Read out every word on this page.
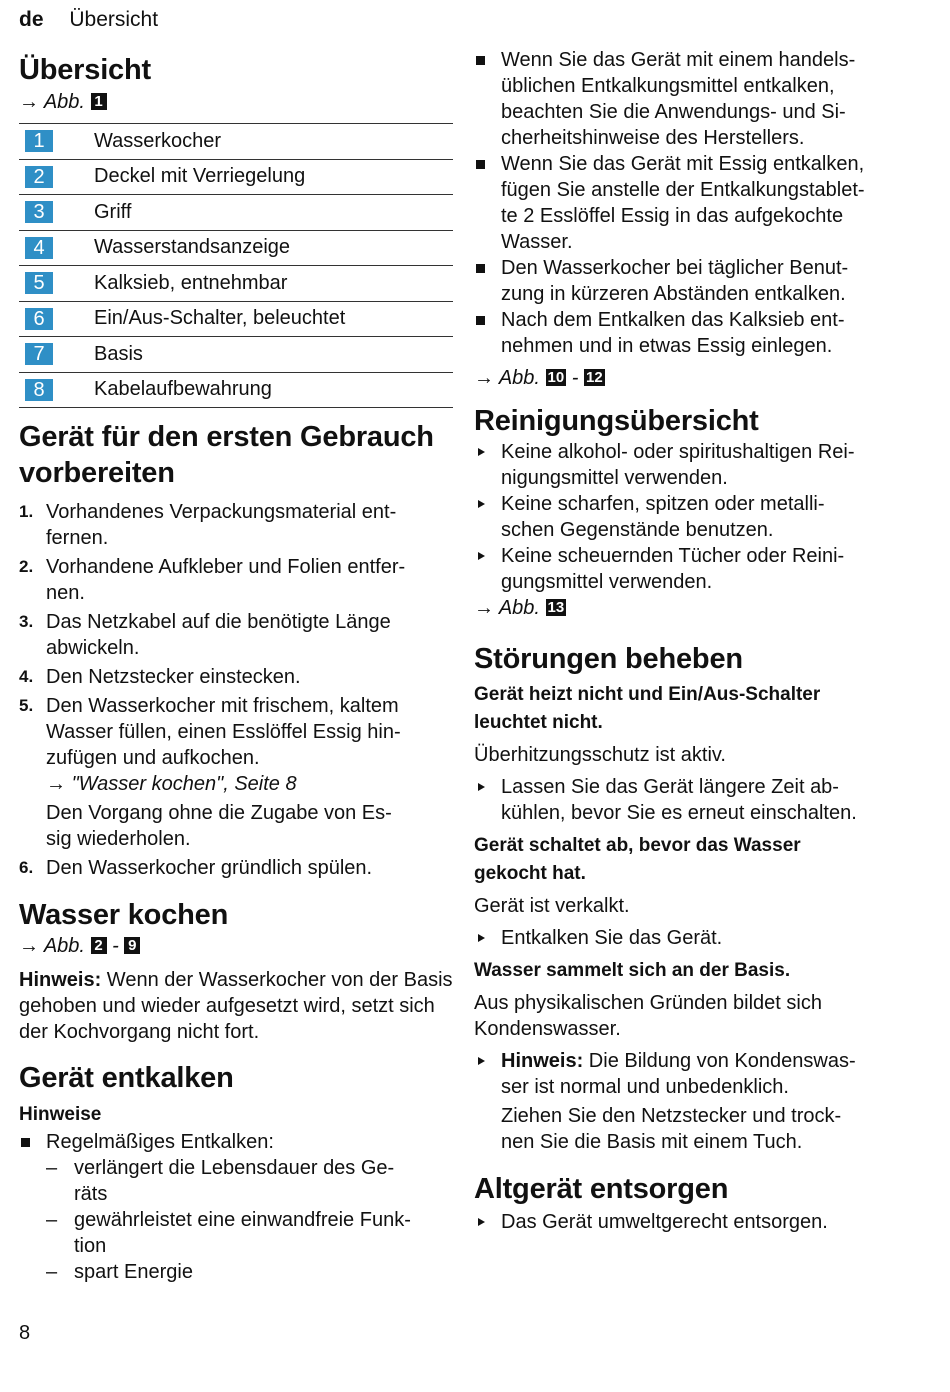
de Übersicht
Übersicht
→ Abb. 1
1	Wasserkocher
2	Deckel mit Verriegelung
3	Griff
4	Wasserstandsanzeige
5	Kalksieb, entnehmbar
6	Ein/Aus-Schalter, beleuchtet
7	Basis
8	Kabelaufbewahrung
Gerät für den ersten Gebrauch
vorbereiten
1. Vorhandenes Verpackungsmaterial ent-
fernen.
2. Vorhandene Aufkleber und Folien entfer-
nen.
3. Das Netzkabel auf die benötigte Länge
abwickeln.
4. Den Netzstecker einstecken.
5. Den Wasserkocher mit frischem, kaltem
Wasser füllen, einen Esslöffel Essig hin-
zufügen und aufkochen.
→ "Wasser kochen", Seite 8
Den Vorgang ohne die Zugabe von Es-
sig wiederholen.
6. Den Wasserkocher gründlich spülen.
Wasser kochen
→ Abb. 2 - 9

Hinweis: Wenn der Wasserkocher von der Basis gehoben und wieder aufgesetzt wird, setzt sich der Kochvorgang nicht fort.

Gerät entkalken
Hinweise
Regelmäßiges Entkalken:
– verlängert die Lebensdauer des Ge-
räts
– gewährleistet eine einwandfreie Funk-
tion
– spart Energie
Wenn Sie das Gerät mit einem handels-
üblichen Entkalkungsmittel entkalken,
beachten Sie die Anwendungs- und Si-
cherheitshinweise des Herstellers.
Wenn Sie das Gerät mit Essig entkalken,
fügen Sie anstelle der Entkalkungstablet-
te 2 Esslöffel Essig in das aufgekochte
Wasser.
Den Wasserkocher bei täglicher Benut-
zung in kürzeren Abständen entkalken.
Nach dem Entkalken das Kalksieb ent-
nehmen und in etwas Essig einlegen.
→ Abb. 10 - 12
Reinigungsübersicht
Keine alkohol- oder spiritushaltigen Rei-
nigungsmittel verwenden.
Keine scharfen, spitzen oder metalli-
schen Gegenstände benutzen.
Keine scheuernden Tücher oder Reini-
gungsmittel verwenden.
→ Abb. 13
Störungen beheben
Gerät heizt nicht und Ein/Aus-Schalter
leuchtet nicht.

Überhitzungsschutz ist aktiv.

Lassen Sie das Gerät längere Zeit ab-
kühlen, bevor Sie es erneut einschalten.
Gerät schaltet ab, bevor das Wasser
gekocht hat.

Gerät ist verkalkt.

Entkalken Sie das Gerät.
Wasser sammelt sich an der Basis.

Aus physikalischen Gründen bildet sich
Kondenswasser.

Hinweis: Die Bildung von Kondenswas-
ser ist normal und unbedenklich.
Ziehen Sie den Netzstecker und trock-
nen Sie die Basis mit einem Tuch.
Altgerät entsorgen
Das Gerät umweltgerecht entsorgen.
8
